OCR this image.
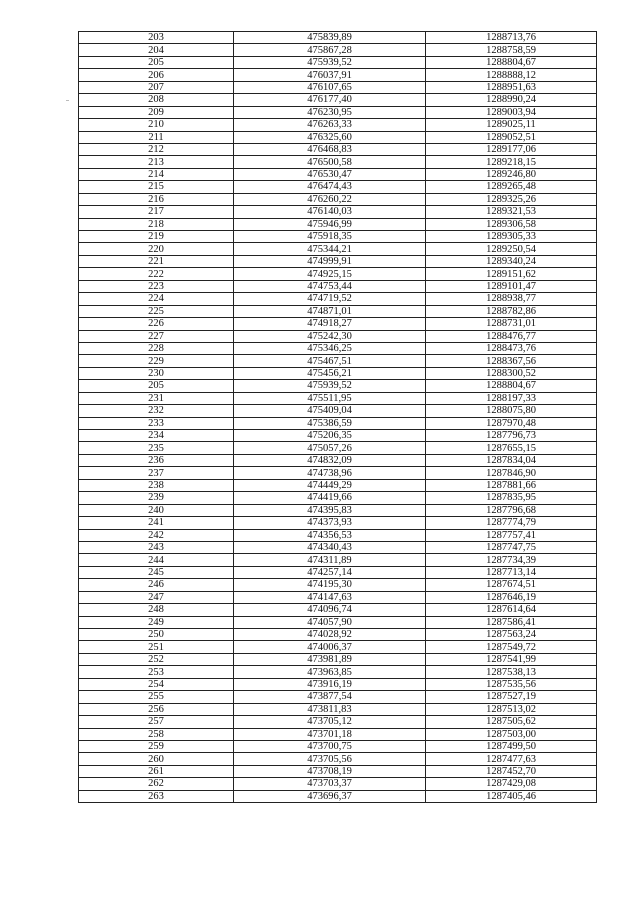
203	475839,89	1288713,76
204	475867,28	1288758,59
205	475939,52	1288804,67
206	476037,91	1288888,12
207	476107,65	1288951,63
208	476177,40	1288990,24
209	476230,95	1289003,94
210	476263,33	1289025,11
211	476325,60	1289052,51
212	476468,83	1289177,06
213	476500,58	1289218,15
214	476530,47	1289246,80
215	476474,43	1289265,48
216	476260,22	1289325,26
217	476140,03	1289321,53
218	475946,99	1289306,58
219	475918,35	1289305,33
220	475344,21	1289250,54
221	474999,91	1289340,24
222	474925,15	1289151,62
223	474753,44	1289101,47
224	474719,52	1288938,77
225	474871,01	1288782,86
226	474918,27	1288731,01
227	475242,30	1288476,77
228	475346,25	1288473,76
229	475467,51	1288367,56
230	475456,21	1288300,52
205	475939,52	1288804,67
231	475511,95	1288197,33
232	475409,04	1288075,80
233	475386,59	1287970,48
234	475206,35	1287796,73
235	475057,26	1287655,15
236	474832,09	1287834,04
237	474738,96	1287846,90
238	474449,29	1287881,66
239	474419,66	1287835,95
240	474395,83	1287796,68
241	474373,93	1287774,79
242	474356,53	1287757,41
243	474340,43	1287747,75
244	474311,89	1287734,39
245	474257,14	1287713,14
246	474195,30	1287674,51
247	474147,63	1287646,19
248	474096,74	1287614,64
249	474057,90	1287586,41
250	474028,92	1287563,24
251	474006,37	1287549,72
252	473981,89	1287541,99
253	473963,85	1287538,13
254	473916,19	1287535,56
255	473877,54	1287527,19
256	473811,83	1287513,02
257	473705,12	1287505,62
258	473701,18	1287503,00
259	473700,75	1287499,50
260	473705,56	1287477,63
261	473708,19	1287452,70
262	473703,37	1287429,08
263	473696,37	1287405,46
